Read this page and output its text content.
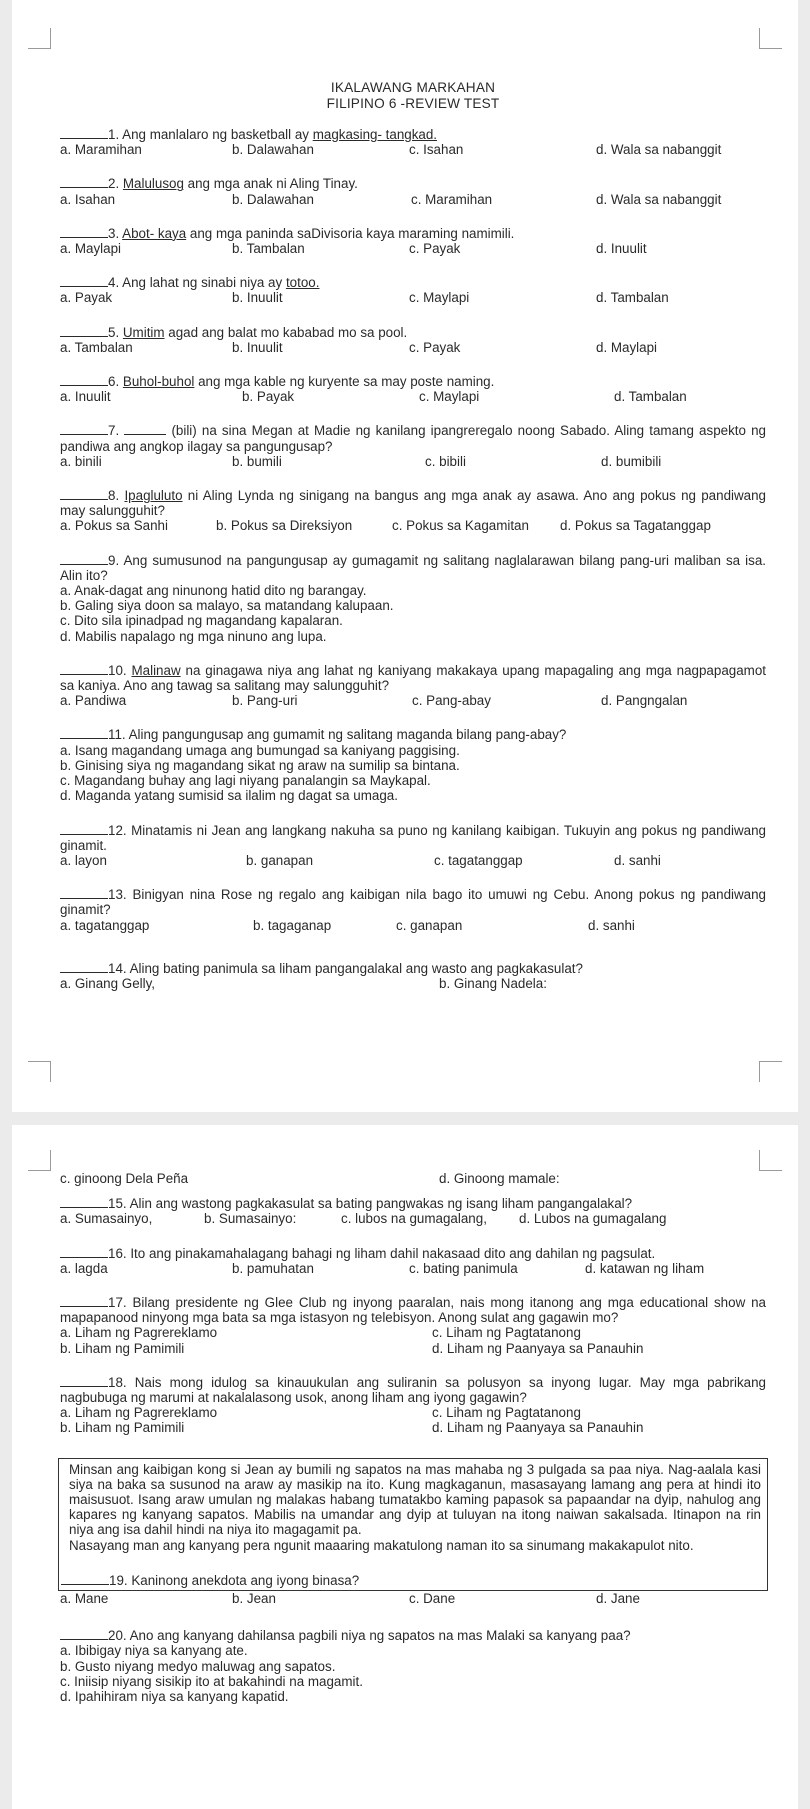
IKALAWANG MARKAHAN
FILIPINO 6 -REVIEW TEST
1. Ang manlalaro ng basketball ay magkasing- tangkad.
a. Maramihan	b. Dalawahan	c. Isahan	d. Wala sa nabanggit
2. Malulusog ang mga anak ni Aling Tinay.
a. Isahan	b. Dalawahan	c. Maramihan	d. Wala sa nabanggit
3. Abot- kaya ang mga paninda saDivisoria kaya maraming namimili.
a. Maylapi	b. Tambalan	c. Payak	d. Inuulit
4. Ang lahat ng sinabi niya ay totoo.
a. Payak	b. Inuulit	c. Maylapi	d. Tambalan
5. Umitim agad ang balat mo kababad mo sa pool.
a. Tambalan	b. Inuulit	c. Payak	d. Maylapi
6. Buhol-buhol ang mga kable ng kuryente sa may poste naming.
a. Inuulit	b. Payak	c. Maylapi	d. Tambalan
7.	(bili) na sina Megan at Madie ng kanilang ipangreregalo noong Sabado. Aling tamang aspekto ng pandiwa ang angkop ilagay sa pangungusap?
a. binili	b. bumili	c. bibili	d. bumibili
8. Ipagluluto ni Aling Lynda ng sinigang na bangus ang mga anak ay asawa. Ano ang pokus ng pandiwang may salungguhit?
a. Pokus sa Sanhi	b. Pokus sa Direksiyon	c. Pokus sa Kagamitan	d. Pokus sa Tagatanggap
9. Ang sumusunod na pangungusap ay gumagamit ng salitang naglalarawan bilang pang-uri maliban sa isa. Alin ito?
a. Anak-dagat ang ninunong hatid dito ng barangay.
b. Galing siya doon sa malayo, sa matandang kalupaan.
c. Dito sila ipinadpad ng magandang kapalaran.
d. Mabilis napalago ng mga ninuno ang lupa.
10. Malinaw na ginagawa niya ang lahat ng kaniyang makakaya upang mapagaling ang mga nagpapagamot sa kaniya. Ano ang tawag sa salitang may salungguhit?
a. Pandiwa	b. Pang-uri	c. Pang-abay	d. Pangngalan
11. Aling pangungusap ang gumamit ng salitang maganda bilang pang-abay?
a. Isang magandang umaga ang bumungad sa kaniyang paggising.
b. Ginising siya ng magandang sikat ng araw na sumilip sa bintana.
c. Magandang buhay ang lagi niyang panalangin sa Maykapal.
d. Maganda yatang sumisid sa ilalim ng dagat sa umaga.
12. Minatamis ni Jean ang langkang nakuha sa puno ng kanilang kaibigan. Tukuyin ang pokus ng pandiwang ginamit.
a. layon	b. ganapan	c. tagatanggap	d. sanhi
13. Binigyan nina Rose ng regalo ang kaibigan nila bago ito umuwi ng Cebu. Anong pokus ng pandiwang ginamit?
a. tagatanggap	b. tagaganap	c. ganapan	d. sanhi
14. Aling bating panimula sa liham pangangalakal ang wasto ang pagkakasulat?
a. Ginang Gelly,	b. Ginang Nadela:
c. ginoong Dela Peña	d. Ginoong mamale:
15. Alin ang wastong pagkakasulat sa bating pangwakas ng isang liham pangangalakal?
a. Sumasainyo,	b. Sumasainyo:	c. lubos na gumagalang,	d. Lubos na gumagalang
16. Ito ang pinakamahalagang bahagi ng liham dahil nakasaad dito ang dahilan ng pagsulat.
a. lagda	b. pamuhatan	c. bating panimula	d. katawan ng liham
17. Bilang presidente ng Glee Club ng inyong paaralan, nais mong itanong ang mga educational show na mapapanood ninyong mga bata sa mga istasyon ng telebisyon. Anong sulat ang gagawin mo?
a. Liham ng Pagrereklamo	c. Liham ng Pagtatanong
b. Liham ng Pamimili	d. Liham ng Paanyaya sa Panauhin
18. Nais mong idulog sa kinauukulan ang suliranin sa polusyon sa inyong lugar. May mga pabrikang nagbubuga ng marumi at nakalalasong usok, anong liham ang iyong gagawin?
a. Liham ng Pagrereklamo	c. Liham ng Pagtatanong
b. Liham ng Pamimili	d. Liham ng Paanyaya sa Panauhin
Minsan ang kaibigan kong si Jean ay bumili ng sapatos na mas mahaba ng 3 pulgada sa paa niya. Nag-aalala kasi siya na baka sa susunod na araw ay masikip na ito. Kung magkaganun, masasayang lamang ang pera at hindi ito maisusuot. Isang araw umulan ng malakas habang tumatakbo kaming papasok sa papaandar na dyip, nahulog ang kapares ng kanyang sapatos. Mabilis na umandar ang dyip at tuluyan na itong naiwan sakalsada. Itinapon na rin niya ang isa dahil hindi na niya ito magagamit pa.
Nasayang man ang kanyang pera ngunit maaaring makatulong naman ito sa sinumang makakapulot nito.
19. Kaninong anekdota ang iyong binasa?
a. Mane	b. Jean	c. Dane	d. Jane
20. Ano ang kanyang dahilansa pagbili niya ng sapatos na mas Malaki sa kanyang paa?
a. Ibibigay niya sa kanyang ate.
b. Gusto niyang medyo maluwag ang sapatos.
c. Iniisip niyang sisikip ito at bakahindi na magamit.
d. Ipahihiram niya sa kanyang kapatid.
